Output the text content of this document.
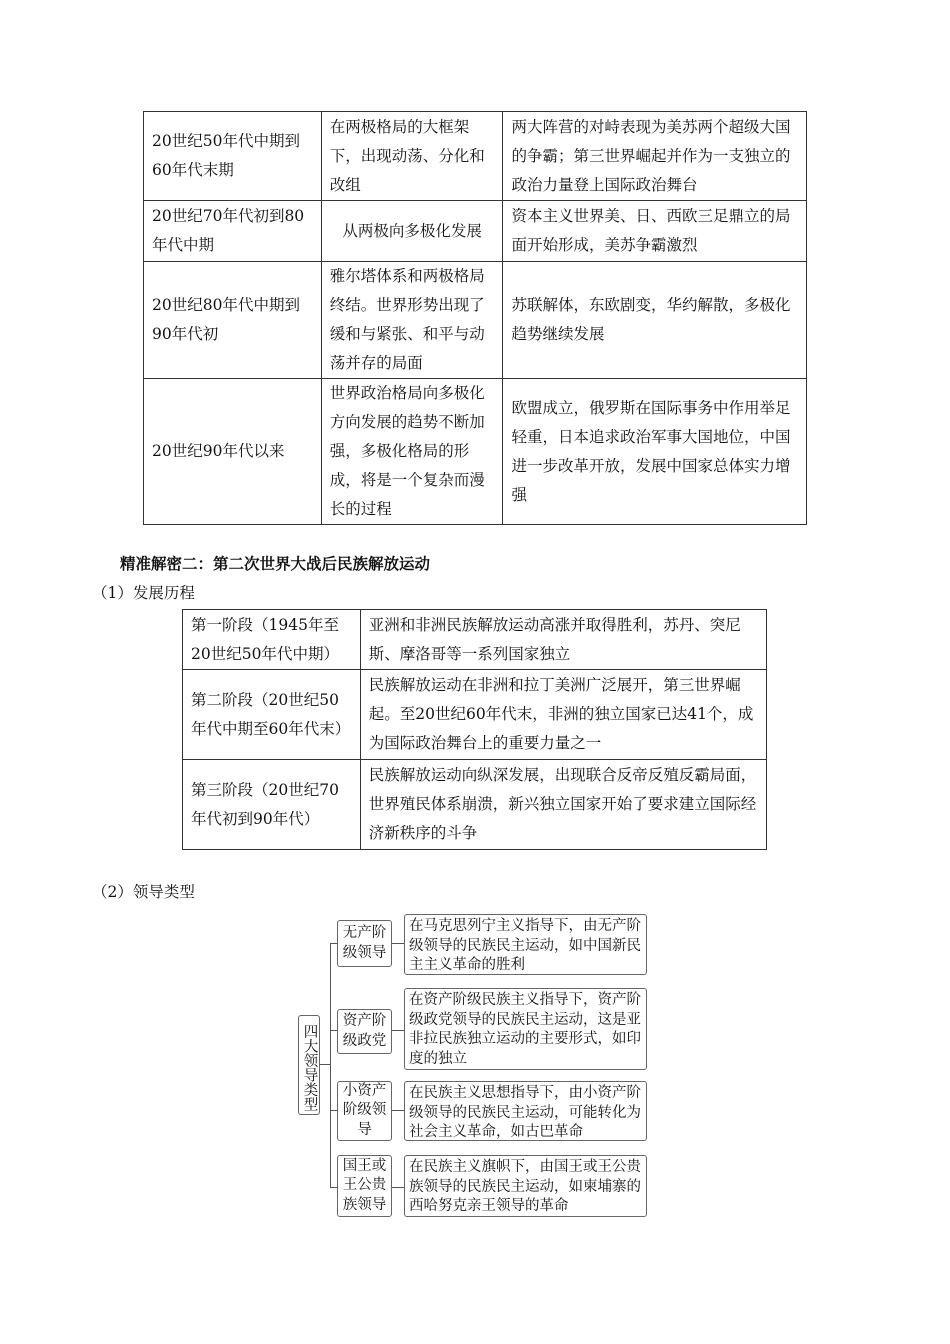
20世纪50年代中期到60年代末期	在两极格局的大框架下，出现动荡、分化和改组	两大阵营的对峙表现为美苏两个超级大国的争霸；第三世界崛起并作为一支独立的政治力量登上国际政治舞台
20世纪70年代初到80年代中期	从两极向多极化发展	资本主义世界美、日、西欧三足鼎立的局面开始形成，美苏争霸激烈
20世纪80年代中期到90年代初	雅尔塔体系和两极格局终结。世界形势出现了缓和与紧张、和平与动荡并存的局面	苏联解体，东欧剧变，华约解散，多极化趋势继续发展
20世纪90年代以来	世界政治格局向多极化方向发展的趋势不断加强，多极化格局的形成，将是一个复杂而漫长的过程	欧盟成立，俄罗斯在国际事务中作用举足轻重，日本追求政治军事大国地位，中国进一步改革开放，发展中国家总体实力增强
精准解密二：第二次世界大战后民族解放运动
（1）发展历程
第一阶段（1945年至20世纪50年代中期）	亚洲和非洲民族解放运动高涨并取得胜利，苏丹、突尼斯、摩洛哥等一系列国家独立
第二阶段（20世纪50年代中期至60年代末）	民族解放运动在非洲和拉丁美洲广泛展开，第三世界崛起。至20世纪60年代末，非洲的独立国家已达41个，成为国际政治舞台上的重要力量之一
第三阶段（20世纪70年代初到90年代）	民族解放运动向纵深发展，出现联合反帝反殖反霸局面，世界殖民体系崩溃，新兴独立国家开始了要求建立国际经济新秩序的斗争
（2）领导类型
四大领导类型
无产阶级领导
在马克思列宁主义指导下，由无产阶级领导的民族民主运动，如中国新民主主义革命的胜利
资产阶级政党
在资产阶级民族主义指导下，资产阶级政党领导的民族民主运动，这是亚非拉民族独立运动的主要形式，如印度的独立
小资产阶级领导
在民族主义思想指导下，由小资产阶级领导的民族民主运动，可能转化为社会主义革命，如古巴革命
国王或王公贵族领导
在民族主义旗帜下，由国王或王公贵族领导的民族民主运动，如柬埔寨的西哈努克亲王领导的革命
